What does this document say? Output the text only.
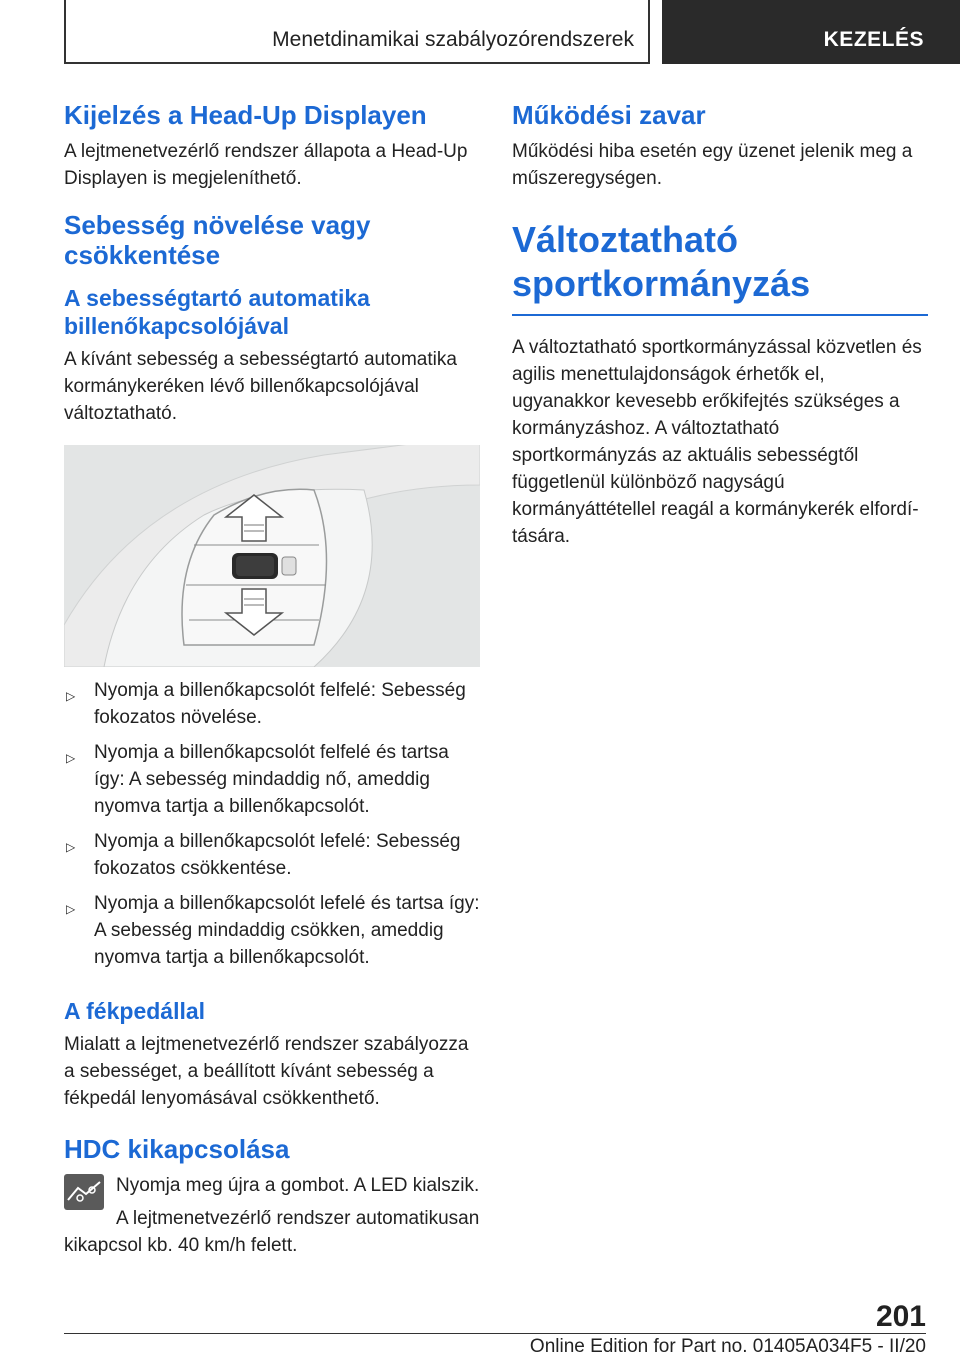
Menetdinamikai szabályozórendszerek	KEZELÉS
Kijelzés a Head-Up Displayen

A lejtmenetvezérlő rendszer állapota a Head-Up Displayen is megjeleníthető.

Sebesség növelése vagy csökkentése
A sebességtartó automatika billenőkapcsolójával

A kívánt sebesség a sebességtartó automatika kormánykeréken lévő billenőkapcsolójával változtatható.

▷ Nyomja a billenőkapcsolót felfelé: Sebesség fokozatos növelése.
▷ Nyomja a billenőkapcsolót felfelé és tartsa így: A sebesség mindaddig nő, ameddig nyomva tartja a billenőkapcsolót.
▷ Nyomja a billenőkapcsolót lefelé: Sebesség fokozatos csökkentése.
▷ Nyomja a billenőkapcsolót lefelé és tartsa így: A sebesség mindaddig csökken, ameddig nyomva tartja a billenőkapcsolót.
A fékpedállal

Mialatt a lejtmenetvezérlő rendszer szabályozza a sebességet, a beállított kívánt sebesség a fékpedál lenyomásával csökkenthető.

HDC kikapcsolása

Nyomja meg újra a gombot. A LED kialszik.

A lejtmenetvezérlő rendszer automatikusan kikapcsol kb. 40 km/h felett.

Működési zavar

Működési hiba esetén egy üzenet jelenik meg a műszeregységen.

Változtatható sportkormányzás

A változtatható sportkormányzással közvetlen és agilis menettulajdonságok érhetők el, ugyanakkor kevesebb erőkifejtés szükséges a kormányzáshoz. A változtatható sportkormányzás az aktuális sebességtől függetlenül különböző nagyságú kormányáttétellel reagál a kormánykerék elfordítására.

201
Online Edition for Part no. 01405A034F5 - II/20
